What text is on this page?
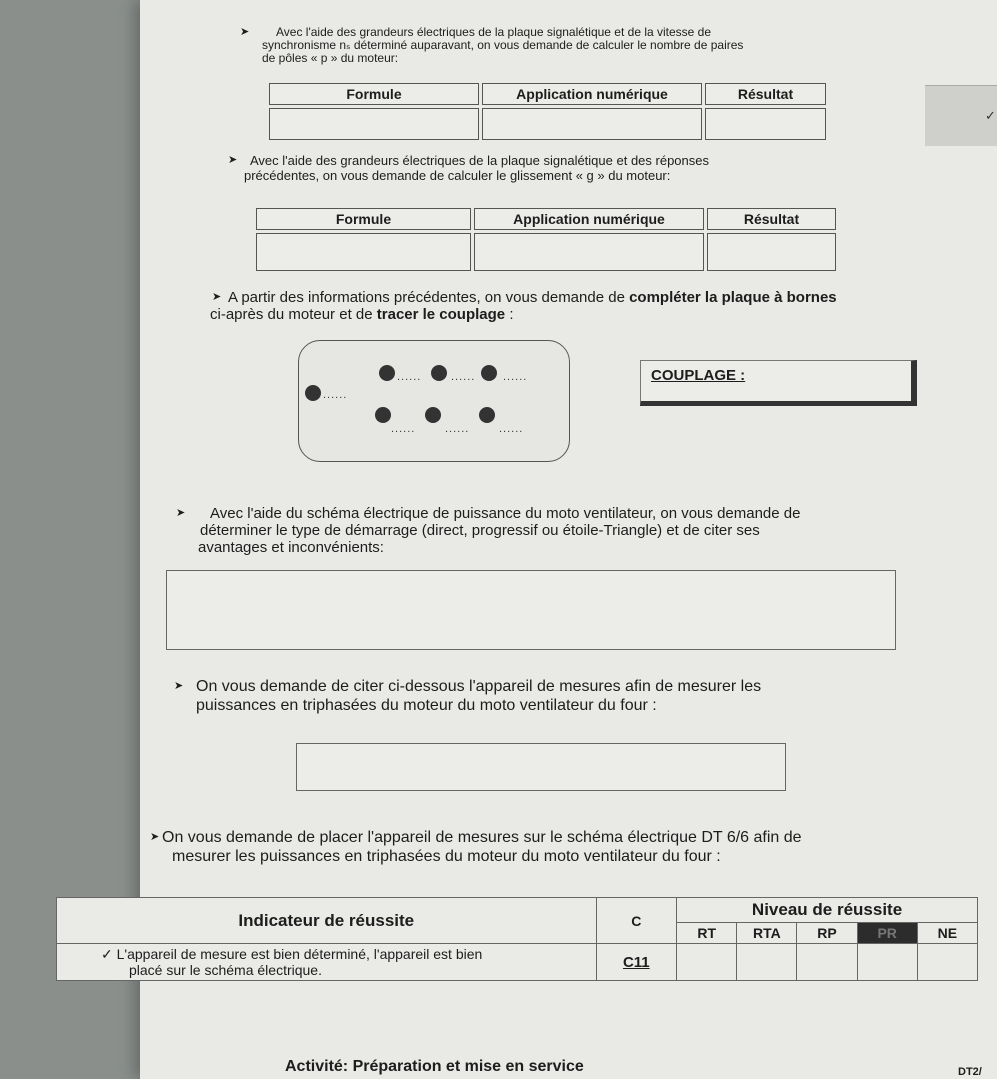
✓
➤	Avec l'aide des grandeurs électriques de la plaque signalétique et de la vitesse de
synchronisme nₛ déterminé auparavant, on vous demande de calculer le nombre de paires
de pôles « p » du moteur:
Formule	Application numérique	Résultat

➤ Avec l'aide des grandeurs électriques de la plaque signalétique et des réponses
précédentes, on vous demande de calculer le glissement « g » du moteur:
Formule	Application numérique	Résultat

➤ A partir des informations précédentes, on vous demande de compléter la plaque à bornes
ci-après du moteur et de tracer le couplage :
......	......	......
......
......	......	......
COUPLAGE :
➤ Avec l'aide du schéma électrique de puissance du moto ventilateur, on vous demande de
déterminer le type de démarrage (direct, progressif ou étoile-Triangle) et de citer ses
avantages et inconvénients:
➤ On vous demande de citer ci-dessous l'appareil de mesures afin de mesurer les
puissances en triphasées du moteur du moto ventilateur du four :
➤ On vous demande de placer l'appareil de mesures sur le schéma électrique DT 6/6 afin de
mesurer les puissances en triphasées du moteur du moto ventilateur du four :
Indicateur de réussite	C	Niveau de réussite				
		RT	RTA	RP	PR	NE
✓ L'appareil de mesure est bien déterminé, l'appareil est bien
placé sur le schéma électrique.	C11					
Activité: Préparation et mise en service	DT2/
